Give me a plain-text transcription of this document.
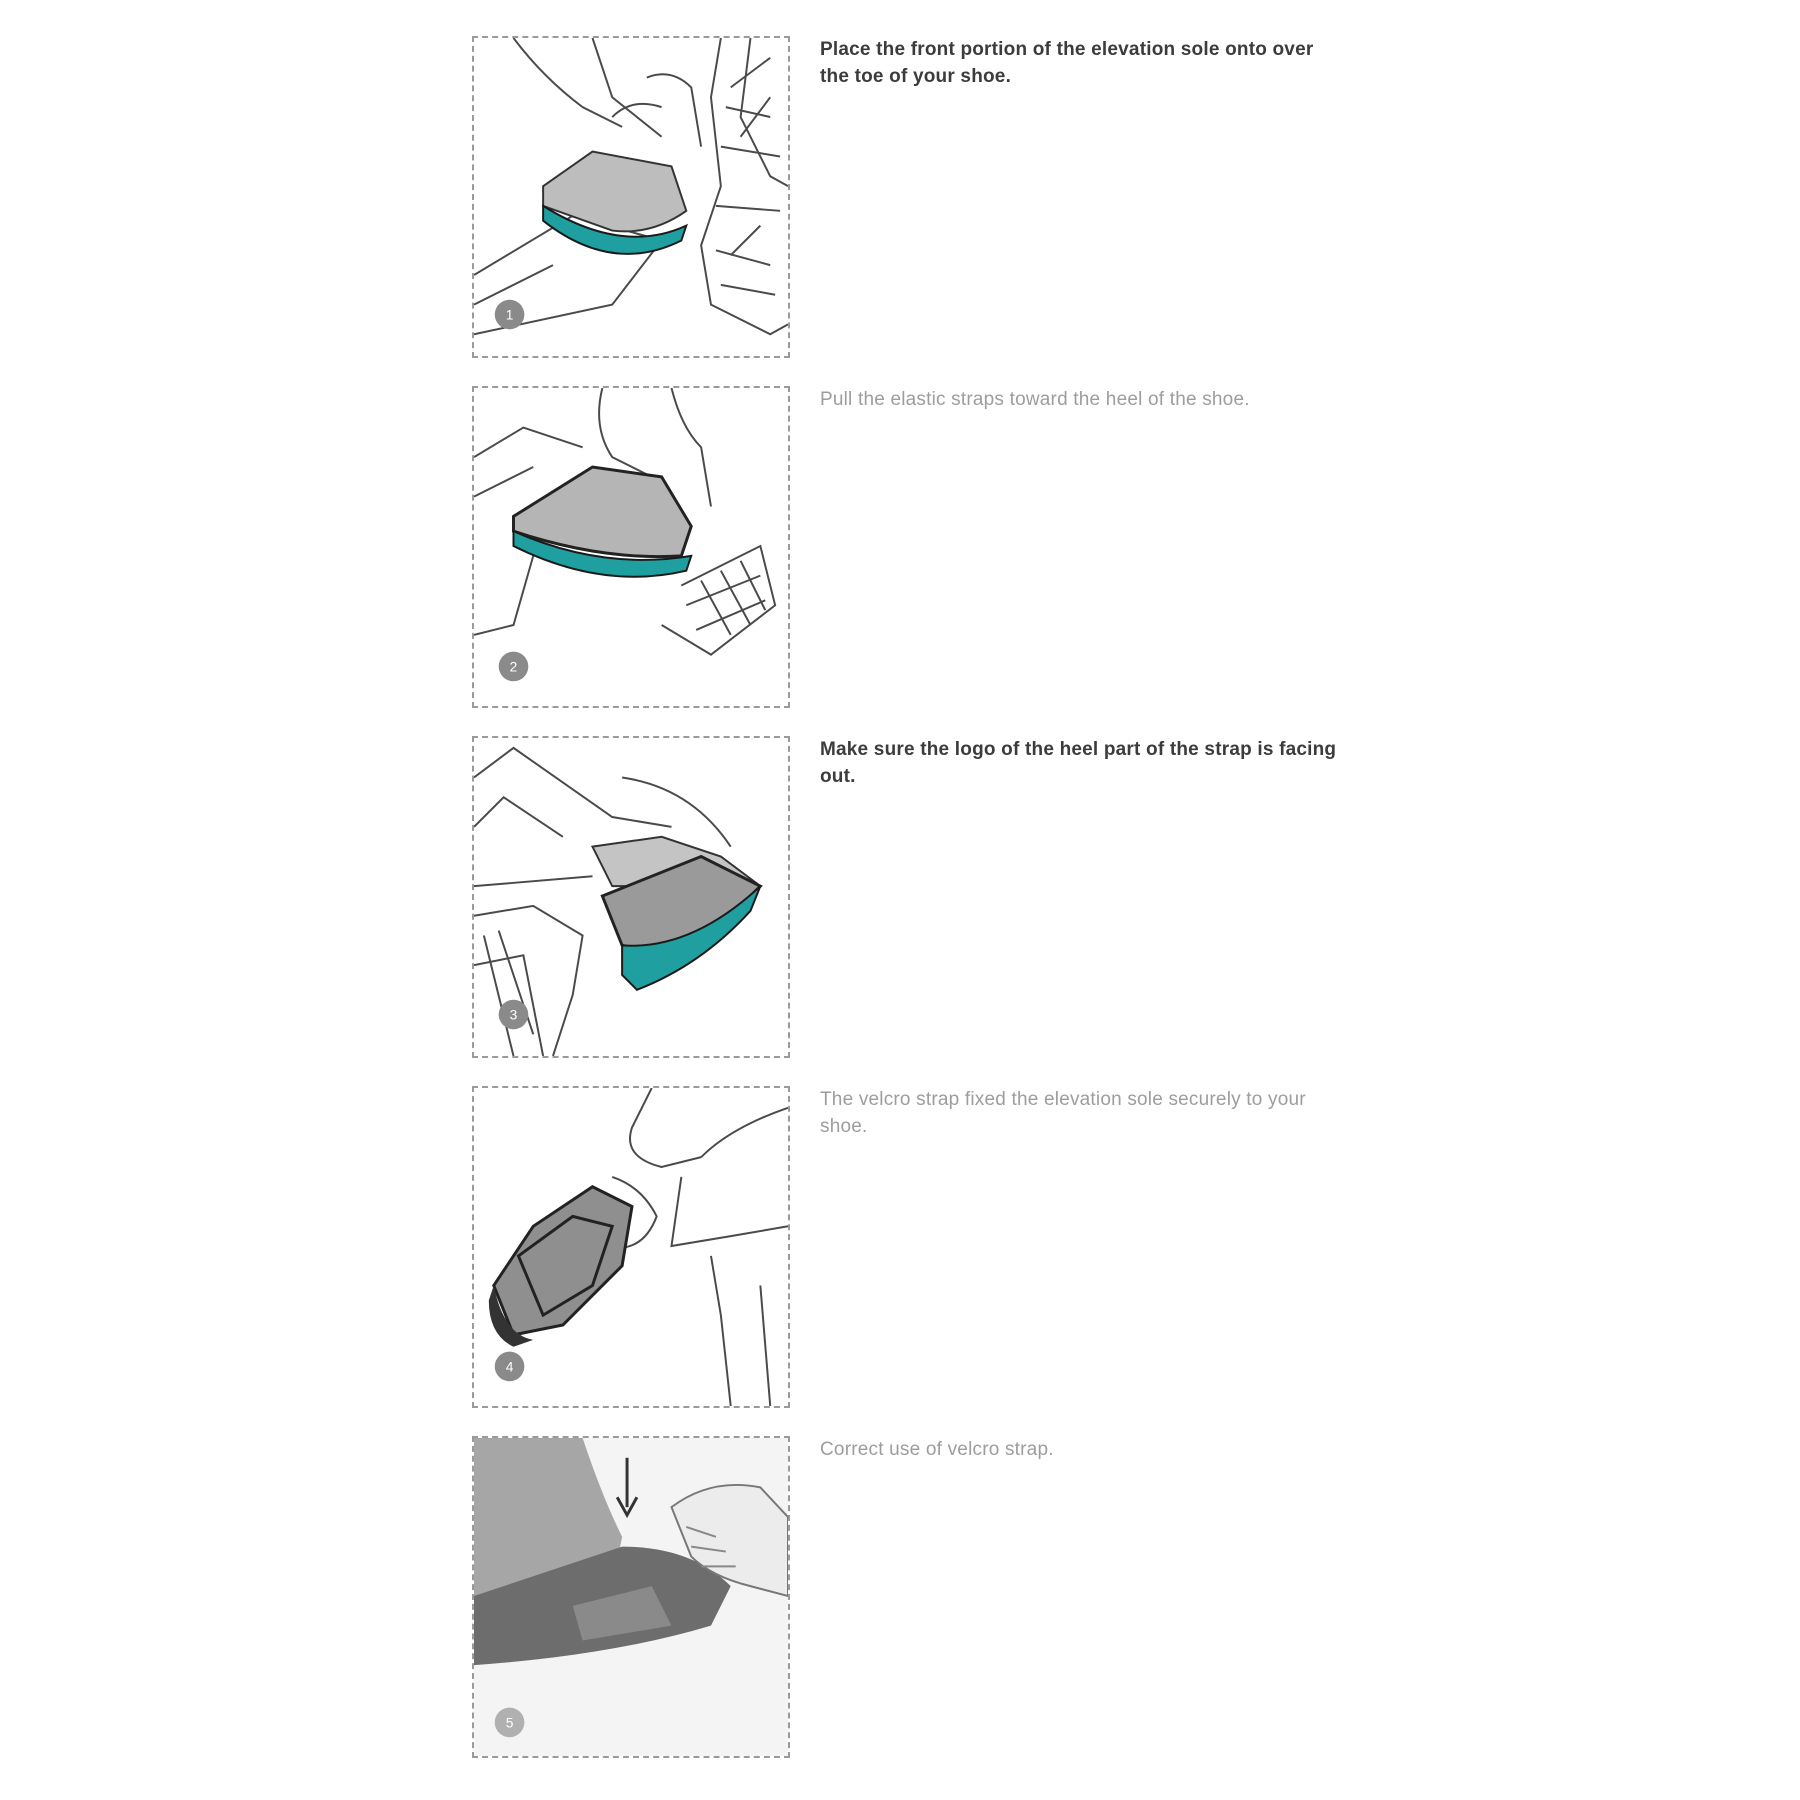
1
Place the front portion of the elevation sole onto over the toe of your shoe.
2
Pull the elastic straps toward the heel of the shoe.
3
Make sure the logo of the heel part of the strap is facing out.
4
The velcro strap fixed the elevation sole securely to your shoe.
5
Correct use of velcro strap.
